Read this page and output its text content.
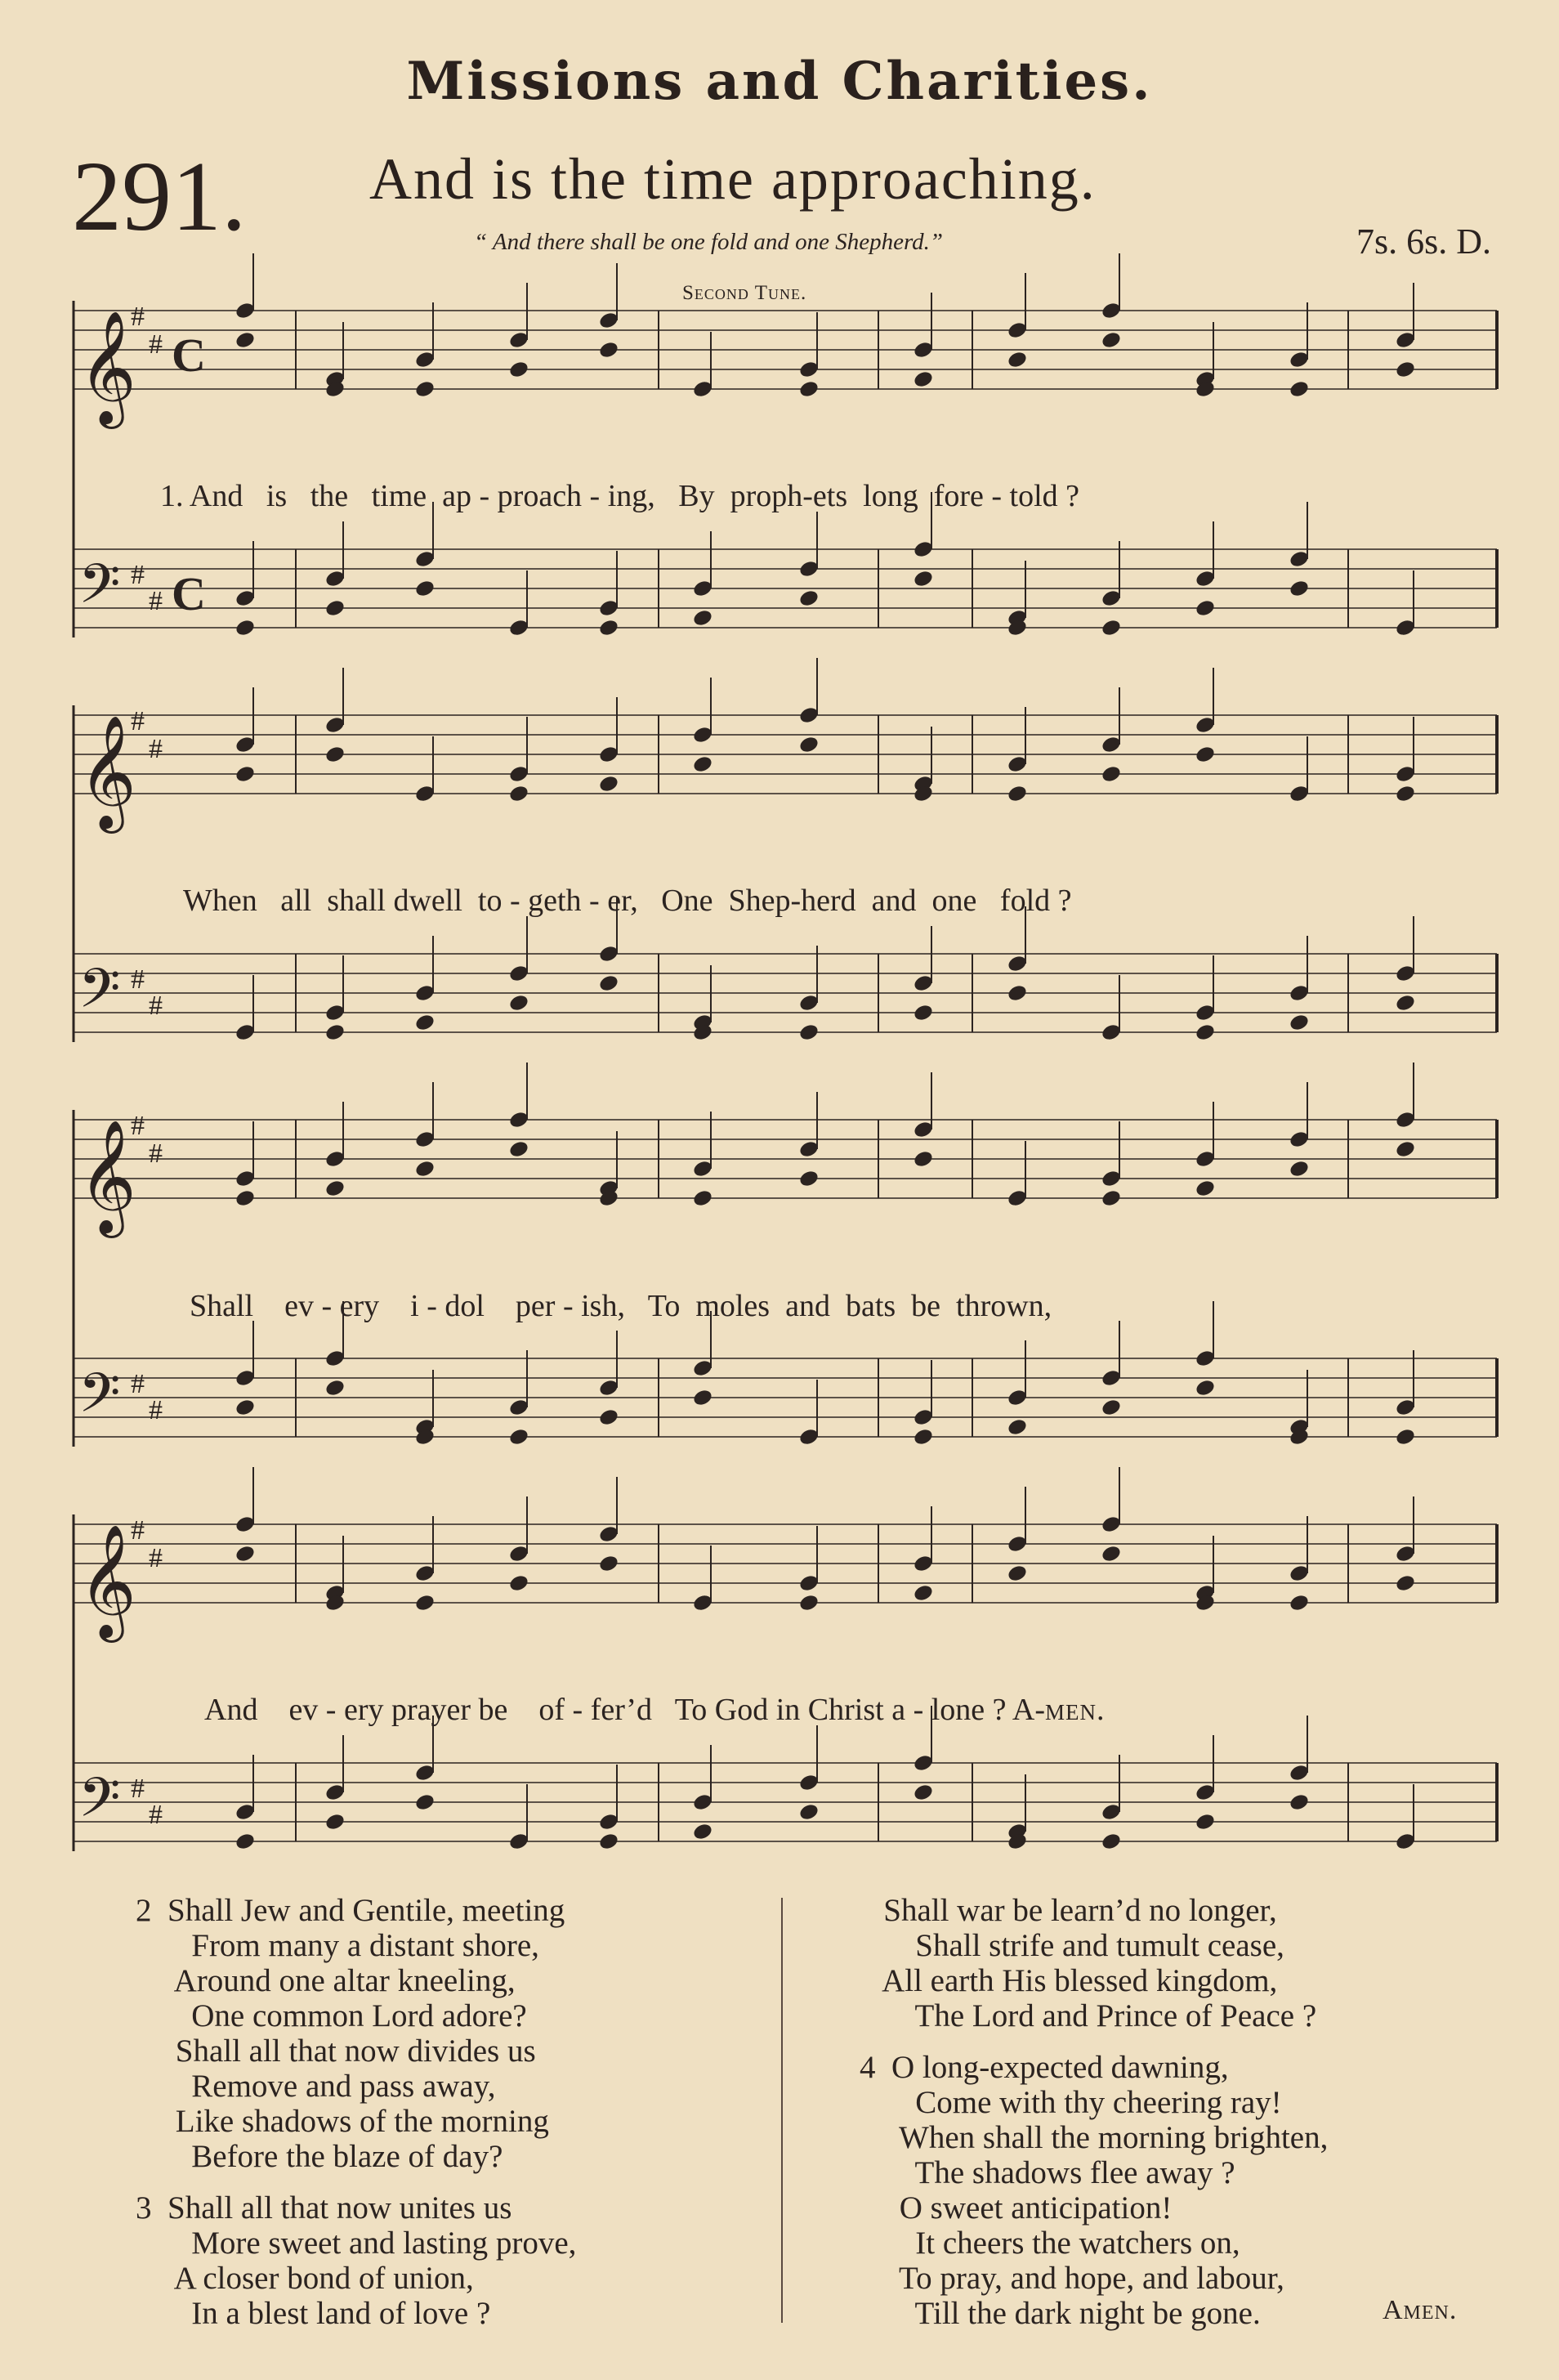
Missions and Charities.
291. And is the time approaching.
“ And there shall be one fold and one Shepherd.”	7s. 6s. D.
Second Tune.
𝄞
#
# C
𝄢 #
# C
𝄞
#
#
𝄢 #
#
𝄞
#
#
𝄢 #
#
𝄞
#
#
𝄢 #
#
1. And   is   the   time  ap - proach - ing,   By  proph-ets  long  fore - told ?
When   all  shall dwell  to - geth - er,   One  Shep-herd  and  one   fold ?
Shall    ev - ery    i - dol    per - ish,   To  moles  and  bats  be  thrown,
And    ev - ery prayer be    of - fer’d   To God in Christ a - lone ? A-men.
2  Shall Jew and Gentile, meeting
From many a distant shore,
Around one altar kneeling,
One common Lord adore?
Shall all that now divides us
Remove and pass away,
Like shadows of the morning
Before the blaze of day?
3  Shall all that now unites us
More sweet and lasting prove,
A closer bond of union,
In a blest land of love ?
Shall war be learn’d no longer,
Shall strife and tumult cease,
All earth His blessed kingdom,
The Lord and Prince of Peace ?
4  O long-expected dawning,
Come with thy cheering ray!
When shall the morning brighten,
The shadows flee away ?
O sweet anticipation!
It cheers the watchers on,
To pray, and hope, and labour,
Till the dark night be gone.	Amen.
